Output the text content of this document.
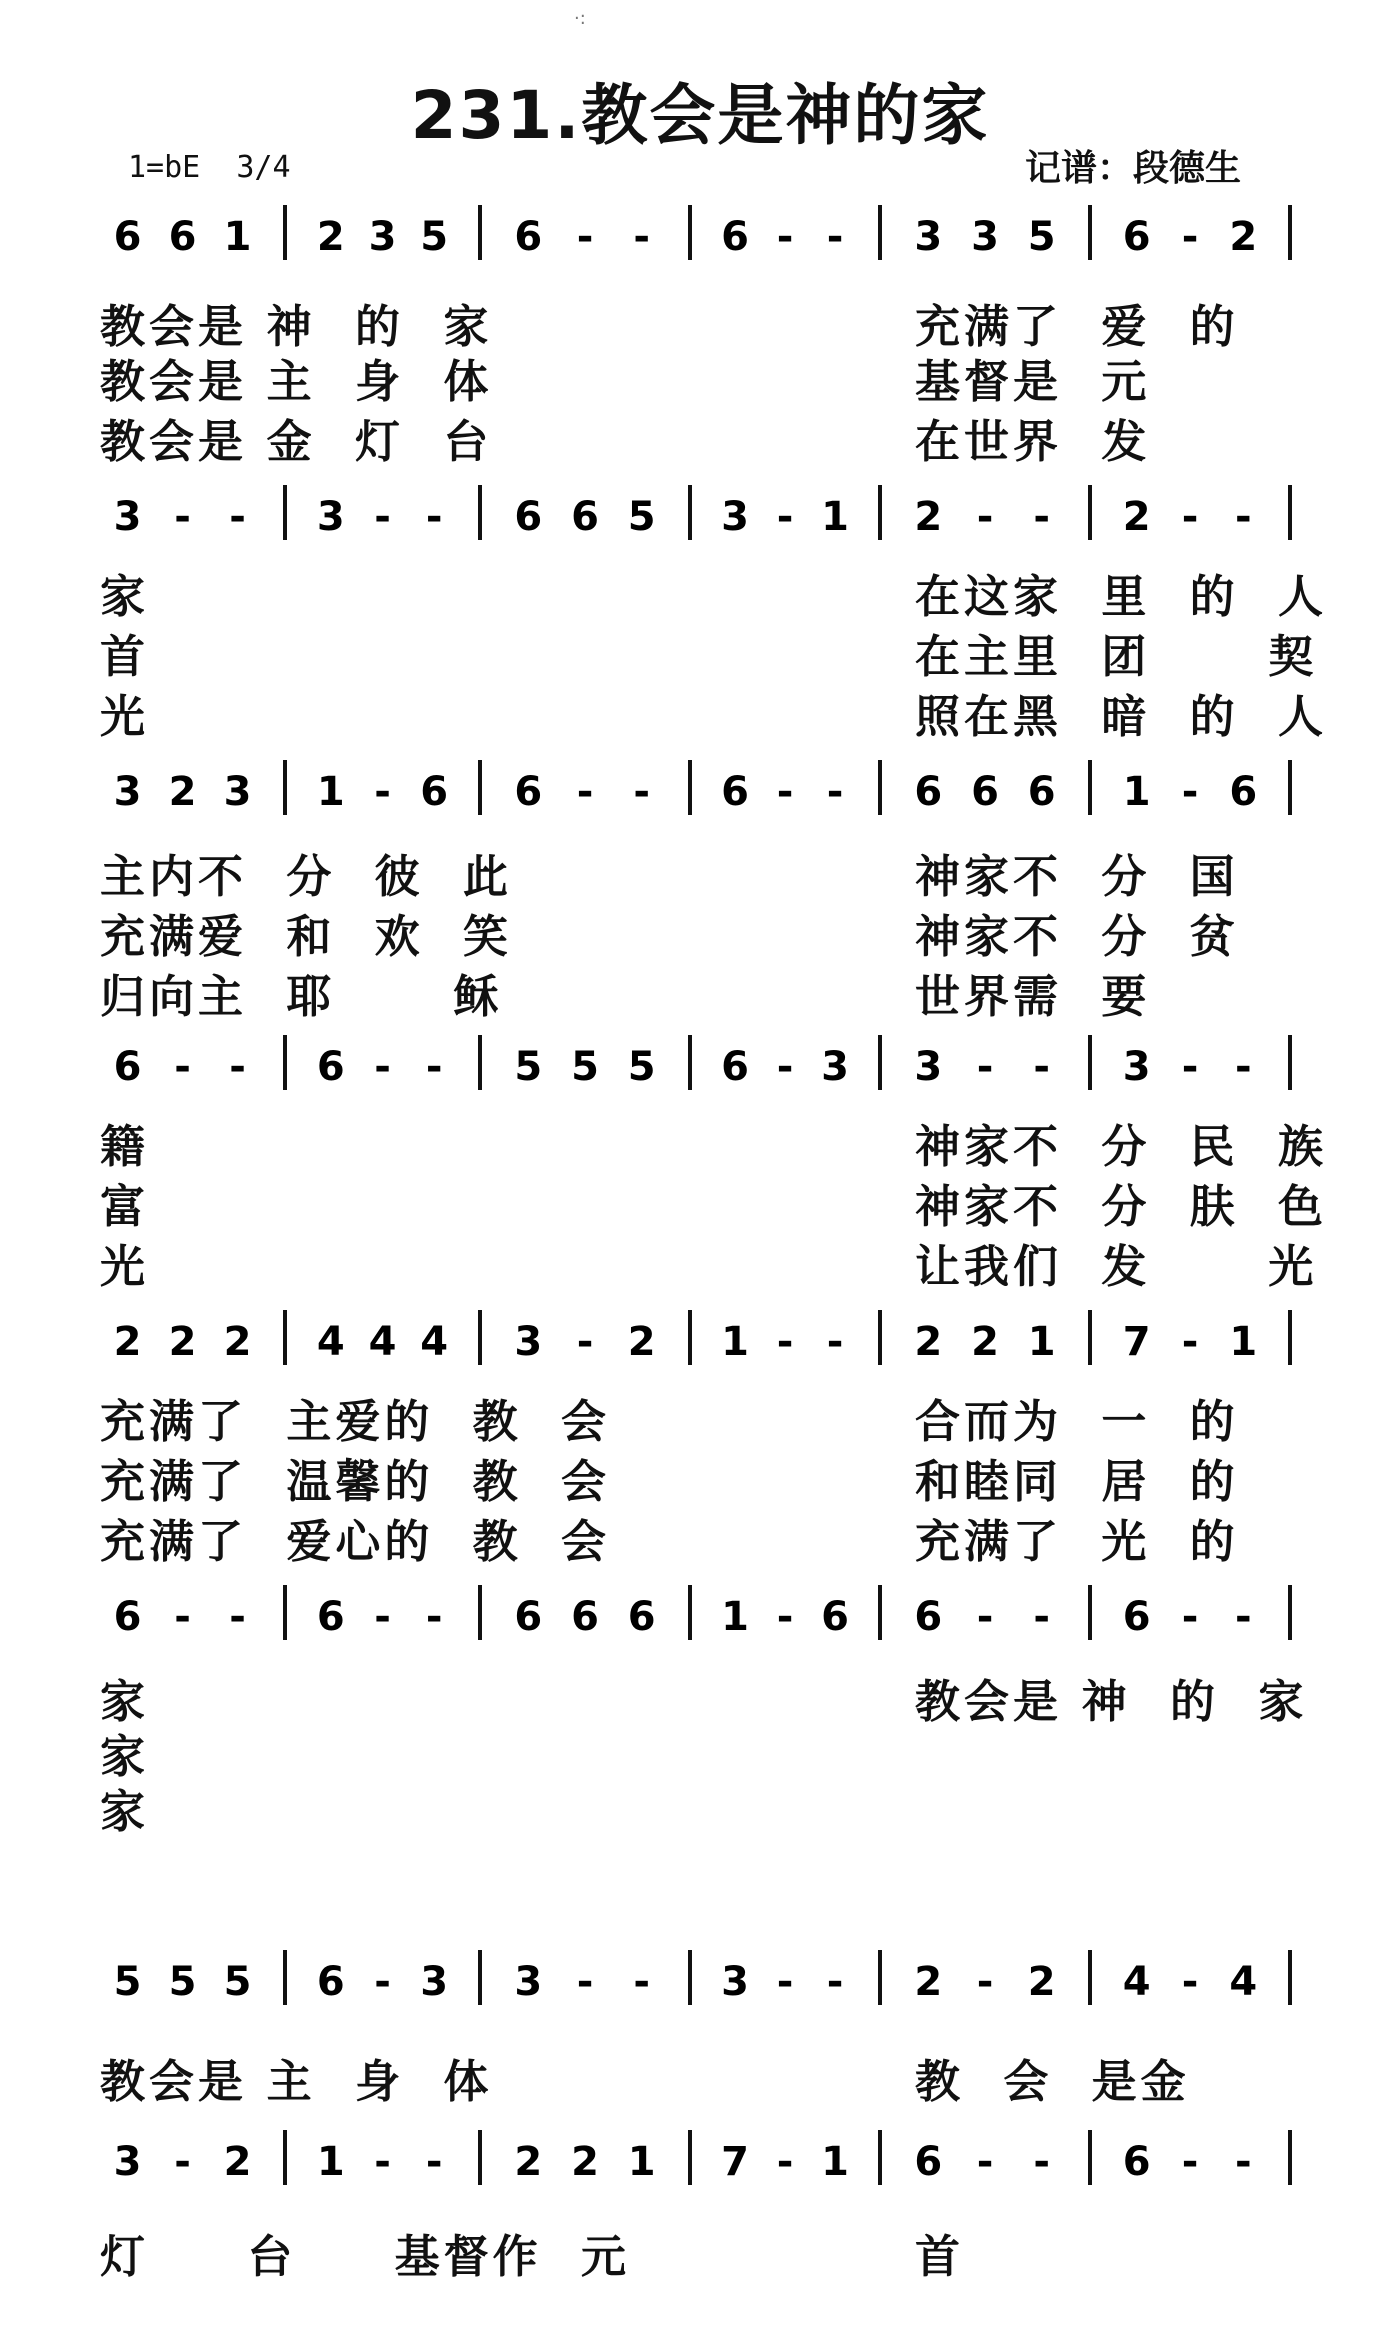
·:
231.教会是神的家
1=bE  3/4	记谱：段德生
6 6 1 2 3 5 6 - - 6 - - 3 3 5 6 - 2
教会是 神  的  家	充满了  爱  的
教会是 主  身  体	基督是  元
教会是 金  灯  台	在世界  发
3 - - 3 - - 6 6 5 3 - 1 2 - - 2 - -
家	在这家  里  的  人
首	在主里  团      契
光	照在黑  暗  的  人
3 2 3 1 - 6 6 - - 6 - - 6 6 6 1 - 6
主内不  分  彼  此	神家不  分  国
充满爱  和  欢  笑	神家不  分  贫
归向主  耶      稣	世界需  要
6 - - 6 - - 5 5 5 6 - 3 3 - - 3 - -
籍	神家不  分  民  族
富	神家不  分  肤  色
光	让我们  发      光
2 2 2 4 4 4 3 - 2 1 - - 2 2 1 7 - 1
充满了  主爱的  教  会	合而为  一  的
充满了  温馨的  教  会	和睦同  居  的
充满了  爱心的  教  会	充满了  光  的
6 - - 6 - - 6 6 6 1 - 6 6 - - 6 - -
家	教会是 神  的  家
家
家
5 5 5 6 - 3 3 - - 3 - - 2 - 2 4 - 4
教会是 主  身  体	教  会  是金
3 - 2 1 - - 2 2 1 7 - 1 6 - - 6 - -
灯     台     基督作  元	首
